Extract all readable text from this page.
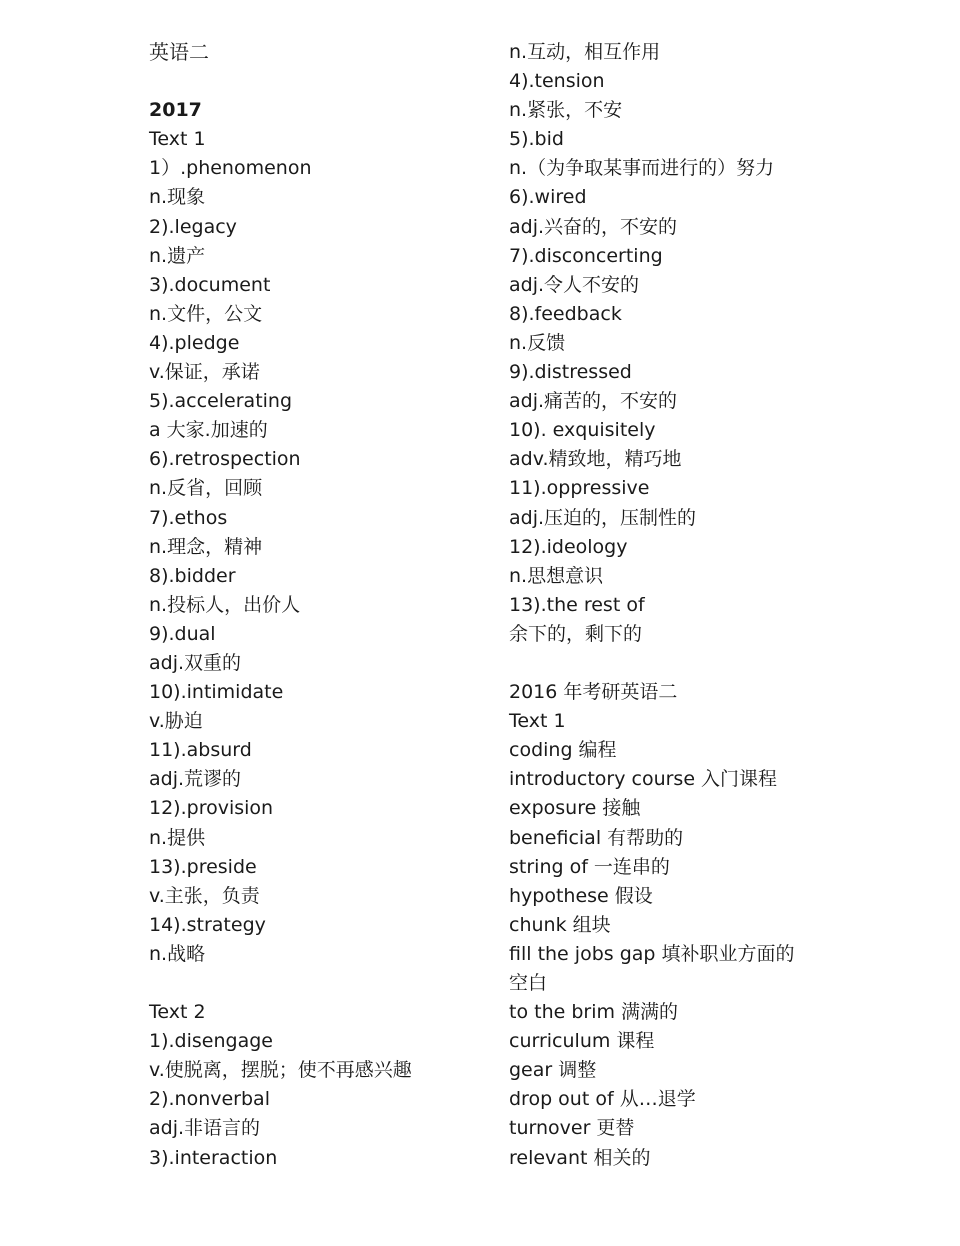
英语二
2017
Text 1
1）.phenomenon
n.现象
2).legacy
n.遗产
3).document
n.文件，公文
4).pledge
v.保证，承诺
5).accelerating
a 大家.加速的
6).retrospection
n.反省，回顾
7).ethos
n.理念，精神
8).bidder
n.投标人，出价人
9).dual
adj.双重的
10).intimidate
v.胁迫
11).absurd
adj.荒谬的
12).provision
n.提供
13).preside
v.主张，负责
14).strategy
n.战略
Text 2
1).disengage
v.使脱离，摆脱；使不再感兴趣
2).nonverbal
adj.非语言的
3).interaction
n.互动，相互作用
4).tension
n.紧张，不安
5).bid
n.（为争取某事而进行的）努力
6).wired
adj.兴奋的，不安的
7).disconcerting
adj.令人不安的
8).feedback
n.反馈
9).distressed
adj.痛苦的，不安的
10). exquisitely
adv.精致地，精巧地
11).oppressive
adj.压迫的，压制性的
12).ideology
n.思想意识
13).the rest of
余下的，剩下的
2016 年考研英语二
Text 1
coding 编程
introductory course 入门课程
exposure 接触
beneficial 有帮助的
string of 一连串的
hypothese 假设
chunk 组块
fill the jobs gap 填补职业方面的
空白
to the brim 满满的
curriculum 课程
gear 调整
drop out of 从…退学
turnover 更替
relevant 相关的
